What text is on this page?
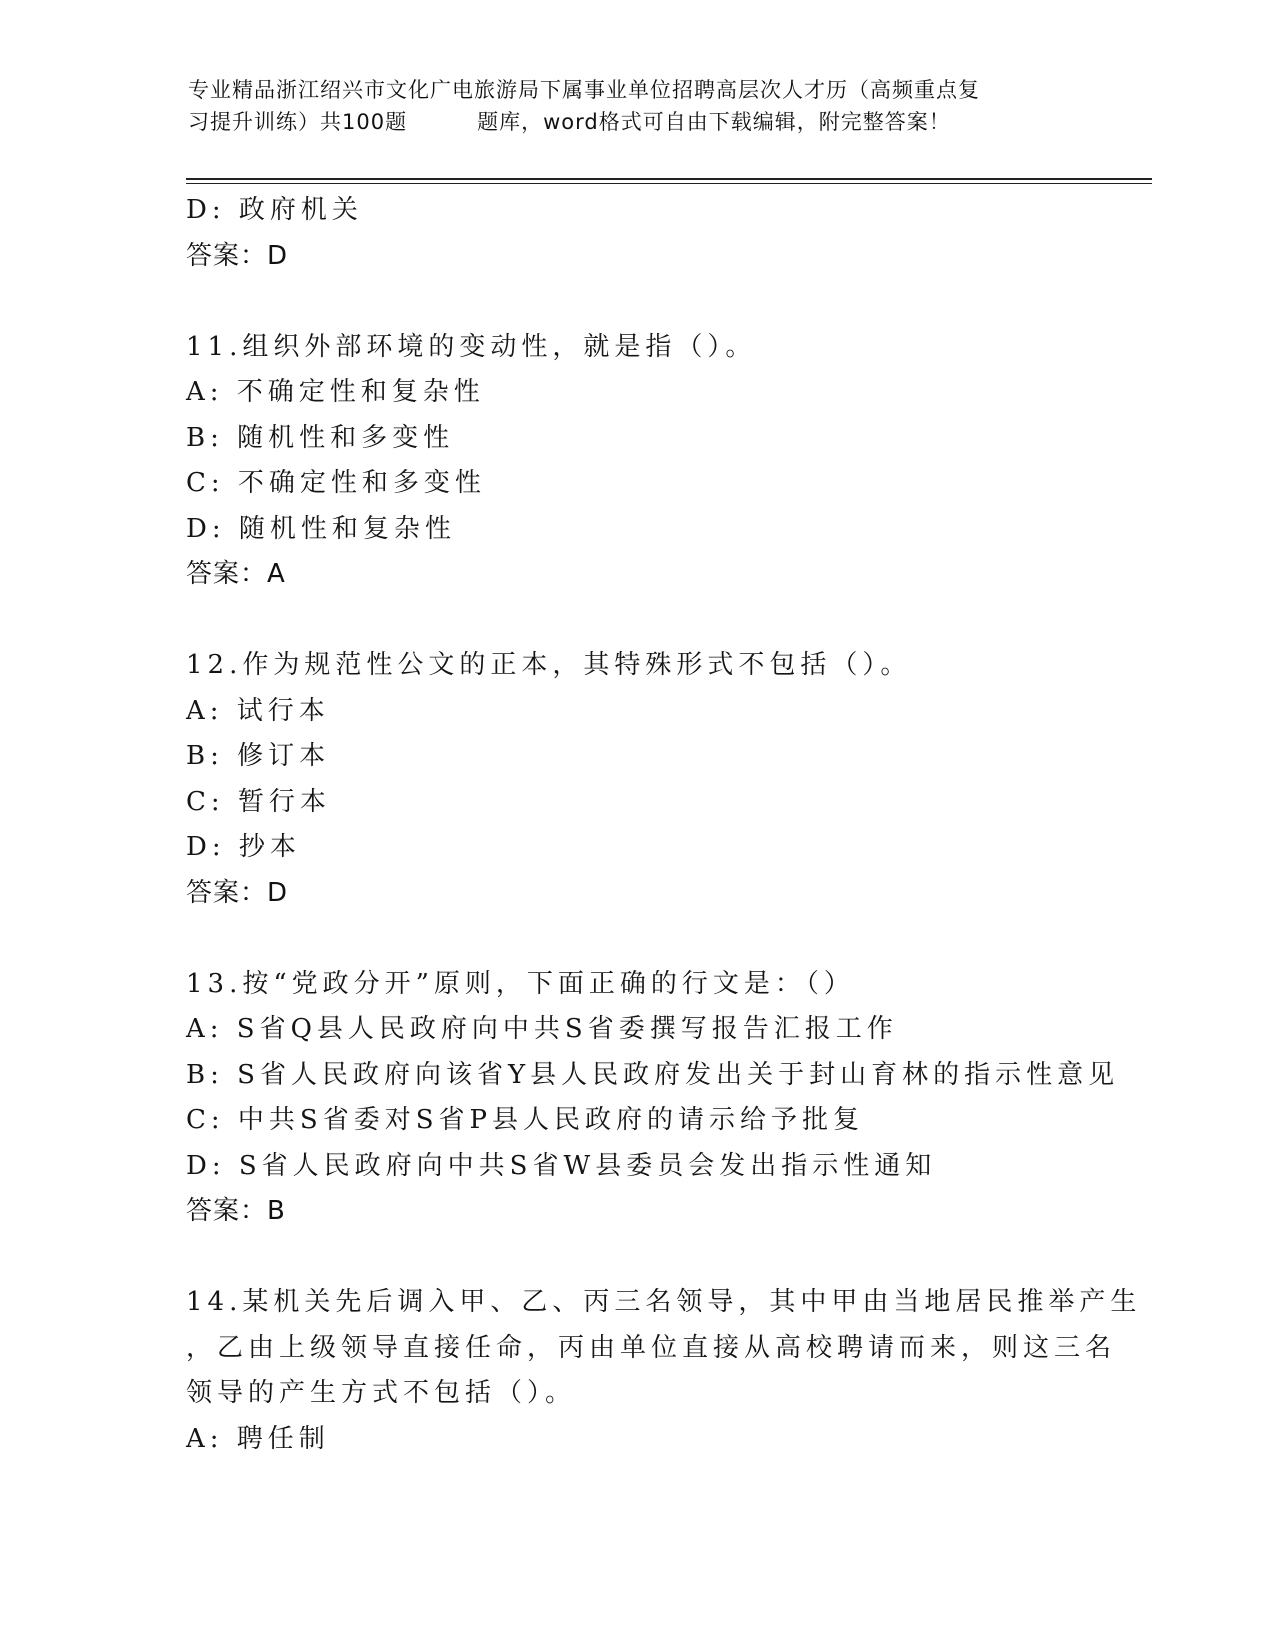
专业精品浙江绍兴市文化广电旅游局下属事业单位招聘高层次人才历（高频重点复
习提升训练）共100题	题库，word格式可自由下载编辑，附完整答案！
D: 政府机关
答案：D
11.组织外部环境的变动性，就是指（）。
A: 不确定性和复杂性
B: 随机性和多变性
C: 不确定性和多变性
D: 随机性和复杂性
答案：A
12.作为规范性公文的正本，其特殊形式不包括（）。
A: 试行本
B: 修订本
C: 暂行本
D: 抄本
答案：D
13.按“党政分开”原则，下面正确的行文是：（）
A: S省Q县人民政府向中共S省委撰写报告汇报工作
B: S省人民政府向该省Y县人民政府发出关于封山育林的指示性意见
C: 中共S省委对S省P县人民政府的请示给予批复
D: S省人民政府向中共S省W县委员会发出指示性通知
答案：B
14.某机关先后调入甲、乙、丙三名领导，其中甲由当地居民推举产生
，乙由上级领导直接任命，丙由单位直接从高校聘请而来，则这三名
领导的产生方式不包括（）。
A: 聘任制
